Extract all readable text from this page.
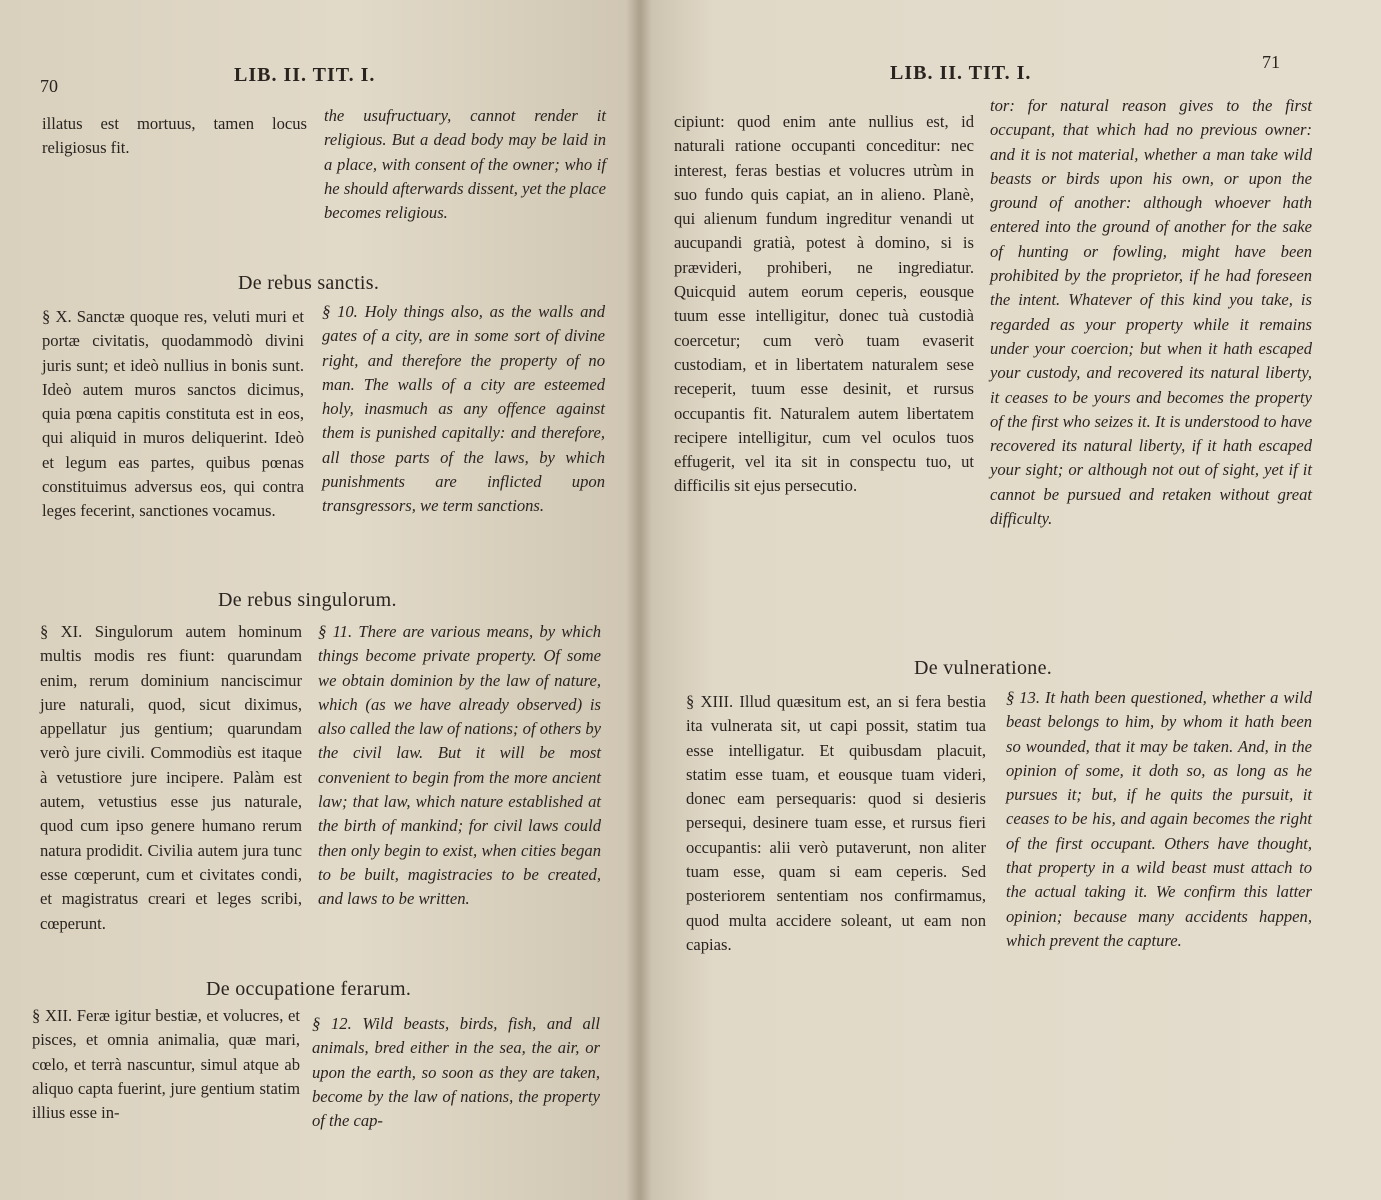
70	LIB. II. TIT. I.

illatus est mortuus, tamen locus religiosus fit.

the usufructuary, cannot render it religious. But a dead body may be laid in a place, with consent of the owner; who if he should afterwards dissent, yet the place becomes religious.

De rebus sanctis.

§ X. Sanctæ quoque res, veluti muri et portæ civitatis, quodammodò divini juris sunt; et ideò nullius in bonis sunt. Ideò autem muros sanctos dicimus, quia pœna capitis constituta est in eos, qui aliquid in muros deliquerint. Ideò et legum eas partes, quibus pœnas constituimus adversus eos, qui contra leges fecerint, sanctiones vocamus.

§ 10. Holy things also, as the walls and gates of a city, are in some sort of divine right, and therefore the property of no man. The walls of a city are esteemed holy, inasmuch as any offence against them is punished capitally: and therefore, all those parts of the laws, by which punishments are inflicted upon transgressors, we term sanctions.

De rebus singulorum.

§ XI. Singulorum autem hominum multis modis res fiunt: quarundam enim, rerum dominium nanciscimur jure naturali, quod, sicut diximus, appellatur jus gentium; quarundam verò jure civili. Commodiùs est itaque à vetustiore jure incipere. Palàm est autem, vetustius esse jus naturale, quod cum ipso genere humano rerum natura prodidit. Civilia autem jura tunc esse cœperunt, cum et civitates condi, et magistratus creari et leges scribi, cœperunt.

§ 11. There are various means, by which things become private property. Of some we obtain dominion by the law of nature, which (as we have already observed) is also called the law of nations; of others by the civil law. But it will be most convenient to begin from the more ancient law; that law, which nature established at the birth of mankind; for civil laws could then only begin to exist, when cities began to be built, magistracies to be created, and laws to be written.

De occupatione ferarum.

§ XII. Feræ igitur bestiæ, et volucres, et pisces, et omnia animalia, quæ mari, cœlo, et terrà nascuntur, simul atque ab aliquo capta fuerint, jure gentium statim illius esse in-

§ 12. Wild beasts, birds, fish, and all animals, bred either in the sea, the air, or upon the earth, so soon as they are taken, become by the law of nations, the property of the cap-

LIB. II. TIT. I.	71

cipiunt: quod enim ante nullius est, id naturali ratione occupanti conceditur: nec interest, feras bestias et volucres utrùm in suo fundo quis capiat, an in alieno. Planè, qui alienum fundum ingreditur venandi ut aucupandi gratià, potest à domino, si is prævideri, prohiberi, ne ingrediatur. Quicquid autem eorum ceperis, eousque tuum esse intelligitur, donec tuà custodià coercetur; cum verò tuam evaserit custodiam, et in libertatem naturalem sese receperit, tuum esse desinit, et rursus occupantis fit. Naturalem autem libertatem recipere intelligitur, cum vel oculos tuos effugerit, vel ita sit in conspectu tuo, ut difficilis sit ejus persecutio.

tor: for natural reason gives to the first occupant, that which had no previous owner: and it is not material, whether a man take wild beasts or birds upon his own, or upon the ground of another: although whoever hath entered into the ground of another for the sake of hunting or fowling, might have been prohibited by the proprietor, if he had foreseen the intent. Whatever of this kind you take, is regarded as your property while it remains under your coercion; but when it hath escaped your custody, and recovered its natural liberty, it ceases to be yours and becomes the property of the first who seizes it. It is understood to have recovered its natural liberty, if it hath escaped your sight; or although not out of sight, yet if it cannot be pursued and retaken without great difficulty.

De vulneratione.

§ XIII. Illud quæsitum est, an si fera bestia ita vulnerata sit, ut capi possit, statim tua esse intelligatur. Et quibusdam placuit, statim esse tuam, et eousque tuam videri, donec eam persequaris: quod si desieris persequi, desinere tuam esse, et rursus fieri occupantis: alii verò putaverunt, non aliter tuam esse, quam si eam ceperis. Sed posteriorem sententiam nos confirmamus, quod multa accidere soleant, ut eam non capias.

§ 13. It hath been questioned, whether a wild beast belongs to him, by whom it hath been so wounded, that it may be taken. And, in the opinion of some, it doth so, as long as he pursues it; but, if he quits the pursuit, it ceases to be his, and again becomes the right of the first occupant. Others have thought, that property in a wild beast must attach to the actual taking it. We confirm this latter opinion; because many accidents happen, which prevent the capture.
